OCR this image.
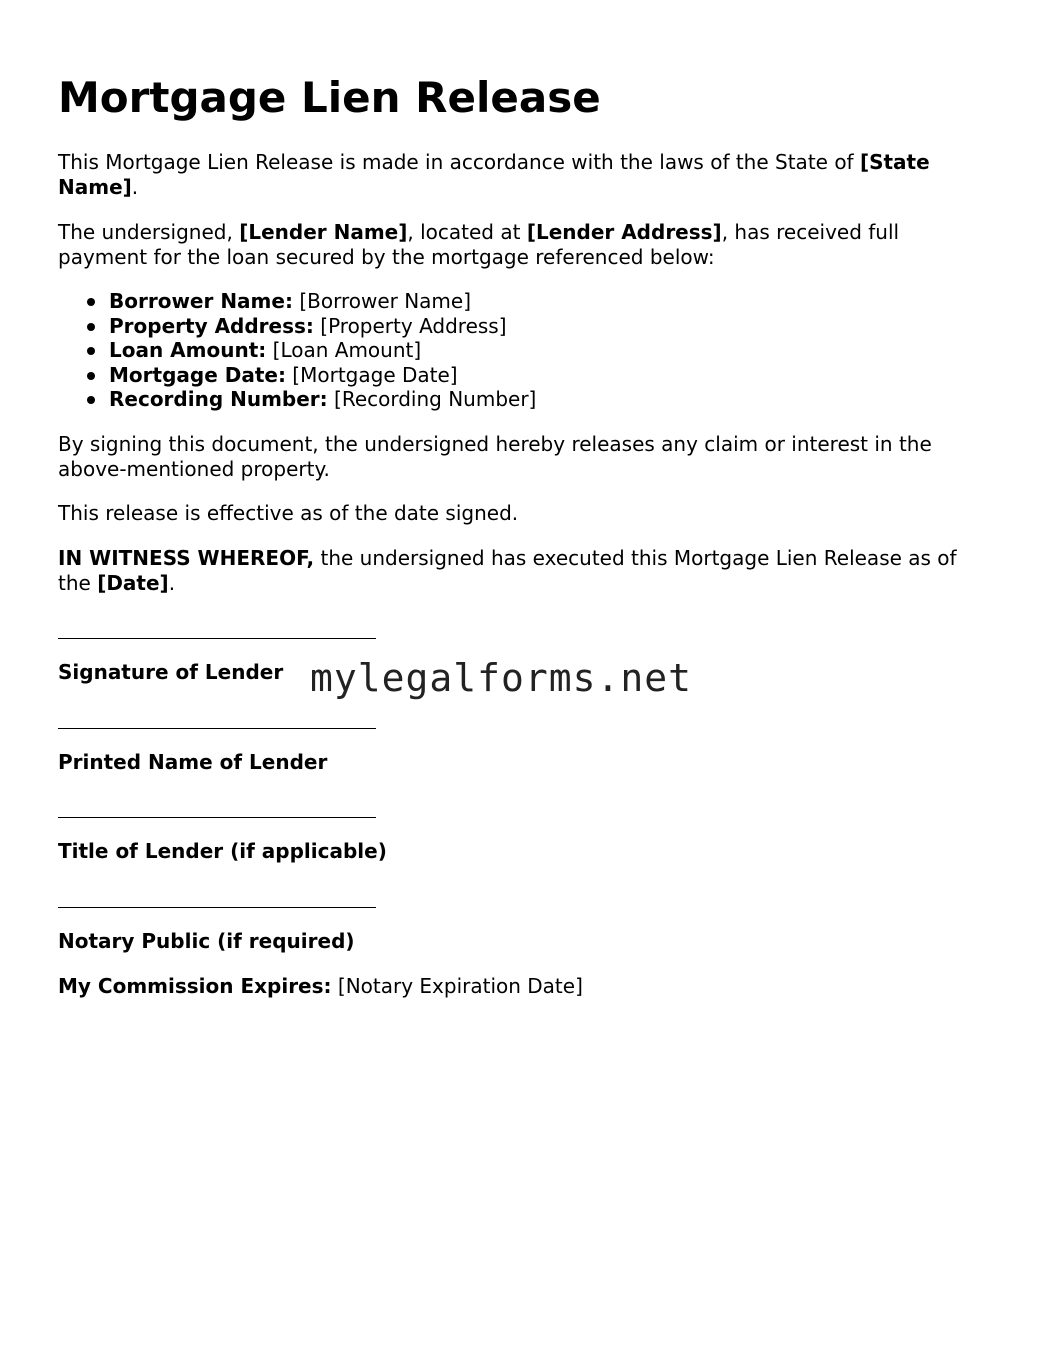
Mortgage Lien Release

This Mortgage Lien Release is made in accordance with the laws of the State of [State Name].

The undersigned, [Lender Name], located at [Lender Address], has received full payment for the loan secured by the mortgage referenced below:

Borrower Name: [Borrower Name]
Property Address: [Property Address]
Loan Amount: [Loan Amount]
Mortgage Date: [Mortgage Date]
Recording Number: [Recording Number]

By signing this document, the undersigned hereby releases any claim or interest in the above-mentioned property.

This release is effective as of the date signed.

IN WITNESS WHEREOF, the undersigned has executed this Mortgage Lien Release as of the [Date].

Signature of Lender
Printed Name of Lender
Title of Lender (if applicable)
Notary Public (if required)

My Commission Expires: [Notary Expiration Date]

mylegalforms.net
